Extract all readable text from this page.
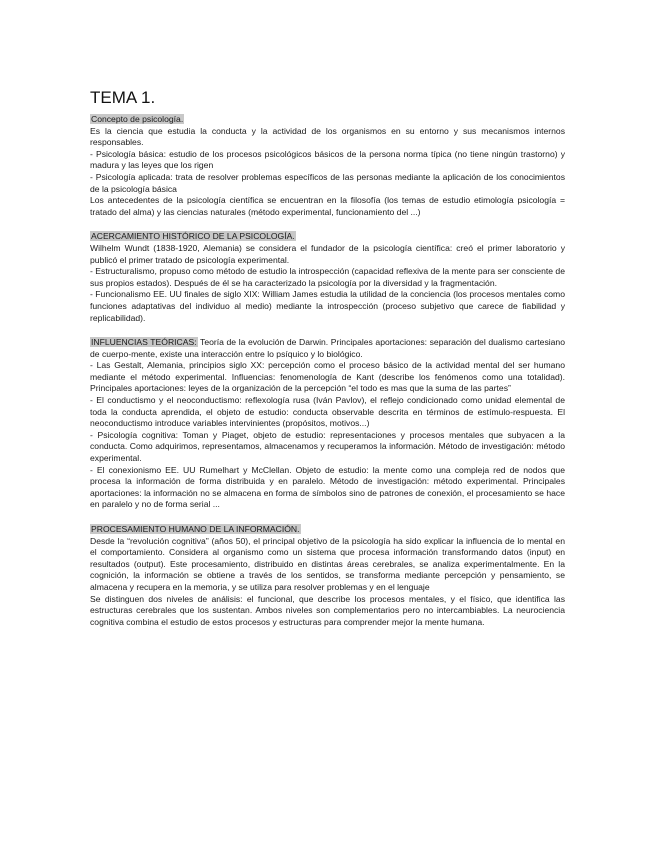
TEMA 1.

Concepto de psicología.

Es la ciencia que estudia la conducta y la actividad de los organismos en su entorno y sus mecanismos internos responsables.

- Psicología básica: estudio de los procesos psicológicos básicos de la persona norma típica (no tiene ningún trastorno) y madura y las leyes que los rigen

- Psicología aplicada: trata de resolver problemas específicos de las personas mediante la aplicación de los conocimientos de la psicología básica

Los antecedentes de la psicología científica se encuentran en la filosofía (los temas de estudio etimología psicología = tratado del alma) y las ciencias naturales (método experimental, funcionamiento del ...)

ACERCAMIENTO HISTÓRICO DE LA PSICOLOGÍA.

Wilhelm Wundt (1838-1920, Alemania) se considera el fundador de la psicología científica: creó el primer laboratorio y publicó el primer tratado de psicología experimental.

- Estructuralismo, propuso como método de estudio la introspección (capacidad reflexiva de la mente para ser consciente de sus propios estados). Después de él se ha caracterizado la psicología por la diversidad y la fragmentación.

- Funcionalismo EE. UU finales de siglo XIX: William James estudia la utilidad de la conciencia (los procesos mentales como funciones adaptativas del individuo al medio) mediante la introspección (proceso subjetivo que carece de fiabilidad y replicabilidad).

INFLUENCIAS TEÓRICAS: Teoría de la evolución de Darwin. Principales aportaciones: separación del dualismo cartesiano de cuerpo-mente, existe una interacción entre lo psíquico y lo biológico.

- Las Gestalt, Alemania, principios siglo XX: percepción como el proceso básico de la actividad mental del ser humano mediante el método experimental. Influencias: fenomenología de Kant (describe los fenómenos como una totalidad). Principales aportaciones: leyes de la organización de la percepción “el todo es mas que la suma de las partes”

- El conductismo y el neoconductismo: reflexología rusa (Iván Pavlov), el reflejo condicionado como unidad elemental de toda la conducta aprendida, el objeto de estudio: conducta observable descrita en términos de estímulo-respuesta. El neoconductismo introduce variables intervinientes (propósitos, motivos...)

- Psicología cognitiva: Toman y Piaget, objeto de estudio: representaciones y procesos mentales que subyacen a la conducta. Como adquirimos, representamos, almacenamos y recuperamos la información. Método de investigación: método experimental.

- El conexionismo EE. UU Rumelhart y McClellan. Objeto de estudio: la mente como una compleja red de nodos que procesa la información de forma distribuida y en paralelo. Método de investigación: método experimental. Principales aportaciones: la información no se almacena en forma de símbolos sino de patrones de conexión, el procesamiento se hace en paralelo y no de forma serial ...

PROCESAMIENTO HUMANO DE LA INFORMACIÓN.

Desde la “revolución cognitiva” (años 50), el principal objetivo de la psicología ha sido explicar la influencia de lo mental en el comportamiento. Considera al organismo como un sistema que procesa información transformando datos (input) en resultados (output). Este procesamiento, distribuido en distintas áreas cerebrales, se analiza experimentalmente. En la cognición, la información se obtiene a través de los sentidos, se transforma mediante percepción y pensamiento, se almacena y recupera en la memoria, y se utiliza para resolver problemas y en el lenguaje

Se distinguen dos niveles de análisis: el funcional, que describe los procesos mentales, y el físico, que identifica las estructuras cerebrales que los sustentan. Ambos niveles son complementarios pero no intercambiables. La neurociencia cognitiva combina el estudio de estos procesos y estructuras para comprender mejor la mente humana.
